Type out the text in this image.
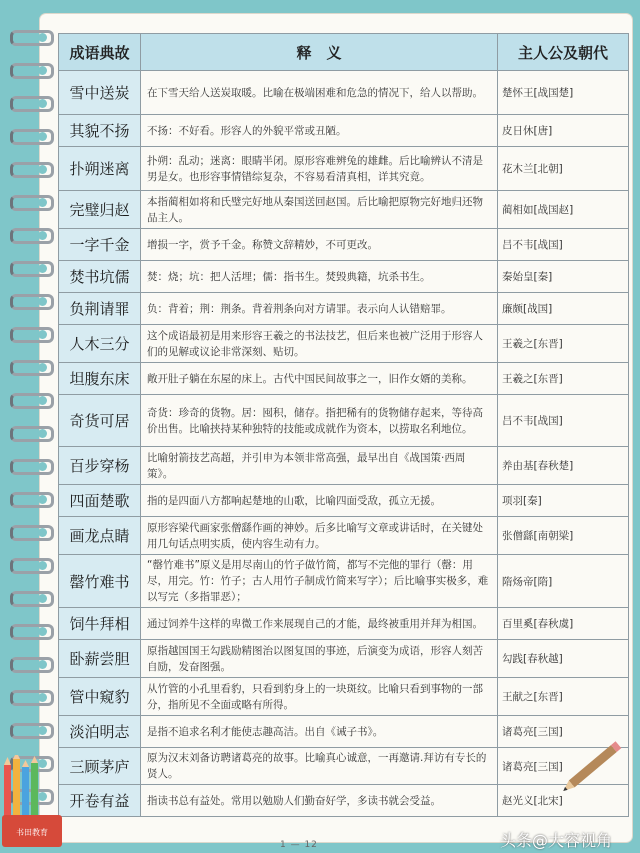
成语典故	释　义	主人公及朝代
雪中送炭	在下雪天给人送炭取暖。比喻在极端困难和危急的情况下，给人以帮助。	楚怀王[战国楚]
其貌不扬	不扬：不好看。形容人的外貌平常或丑陋。	皮日休[唐]
扑朔迷离	扑朔：乱动；迷离：眼睛半闭。原形容难辨兔的雄雌。后比喻辨认不清是男是女。也形容事情错综复杂，不容易看清真相，详其究竟。	花木兰[北朝]
完璧归赵	本指蔺相如将和氏璧完好地从秦国送回赵国。后比喻把原物完好地归还物品主人。	蔺相如[战国赵]
一字千金	增损一字，赏予千金。称赞文辞精妙，不可更改。	吕不韦[战国]
焚书坑儒	焚：烧；坑：把人活埋；儒：指书生。焚毁典籍，坑杀书生。	秦始皇[秦]
负荆请罪	负：背着；荆：荆条。背着荆条向对方请罪。表示向人认错赔罪。	廉颇[战国]
人木三分	这个成语最初是用来形容王羲之的书法技艺，但后来也被广泛用于形容人们的见解或议论非常深刻、贴切。	王羲之[东晋]
坦腹东床	敞开肚子躺在东屋的床上。古代中国民间故事之一，旧作女婿的美称。	王羲之[东晋]
奇货可居	奇货：珍奇的货物。居：囤积，储存。指把稀有的货物储存起来，等待高价出售。比喻挟持某种独特的技能或成就作为资本，以捞取名利地位。	吕不韦[战国]
百步穿杨	比喻射箭技艺高超，并引申为本领非常高强，最早出自《战国策·西周策》。	养由基[春秋楚]
四面楚歌	指的是四面八方都响起楚地的山歌，比喻四面受敌，孤立无援。	项羽[秦]
画龙点睛	原形容梁代画家张僧繇作画的神妙。后多比喻写文章或讲话时，在关键处用几句话点明实质，使内容生动有力。	张僧繇[南朝梁]
罄竹难书	“罄竹难书”原义是用尽南山的竹子做竹简，都写不完他的罪行（罄：用尽，用完。竹：竹子；古人用竹子制成竹简来写字）；后比喻事实极多，难以写完（多指罪恶）；	隋炀帝[隋]
饲牛拜相	通过饲养牛这样的卑微工作来展现自己的才能，最终被重用并拜为相国。	百里奚[春秋虞]
卧薪尝胆	原指越国国王勾践励精图治以图复国的事迹，后演变为成语，形容人刻苦自励，发奋图强。	勾践[春秋越]
管中窥豹	从竹管的小孔里看豹，只看到豹身上的一块斑纹。比喻只看到事物的一部分，指所见不全面或略有所得。	王献之[东晋]
淡泊明志	是指不追求名利才能使志趣高洁。出自《诫子书》。	诸葛亮[三国]
三顾茅庐	原为汉末刘备访聘诸葛亮的故事。比喻真心诚意，一再邀请.拜访有专长的贤人。	诸葛亮[三国]
开卷有益	指读书总有益处。常用以勉励人们勤奋好学，多读书就会受益。	赵光义[北宋]
书田教育
1 — 12	头条@大容视角
